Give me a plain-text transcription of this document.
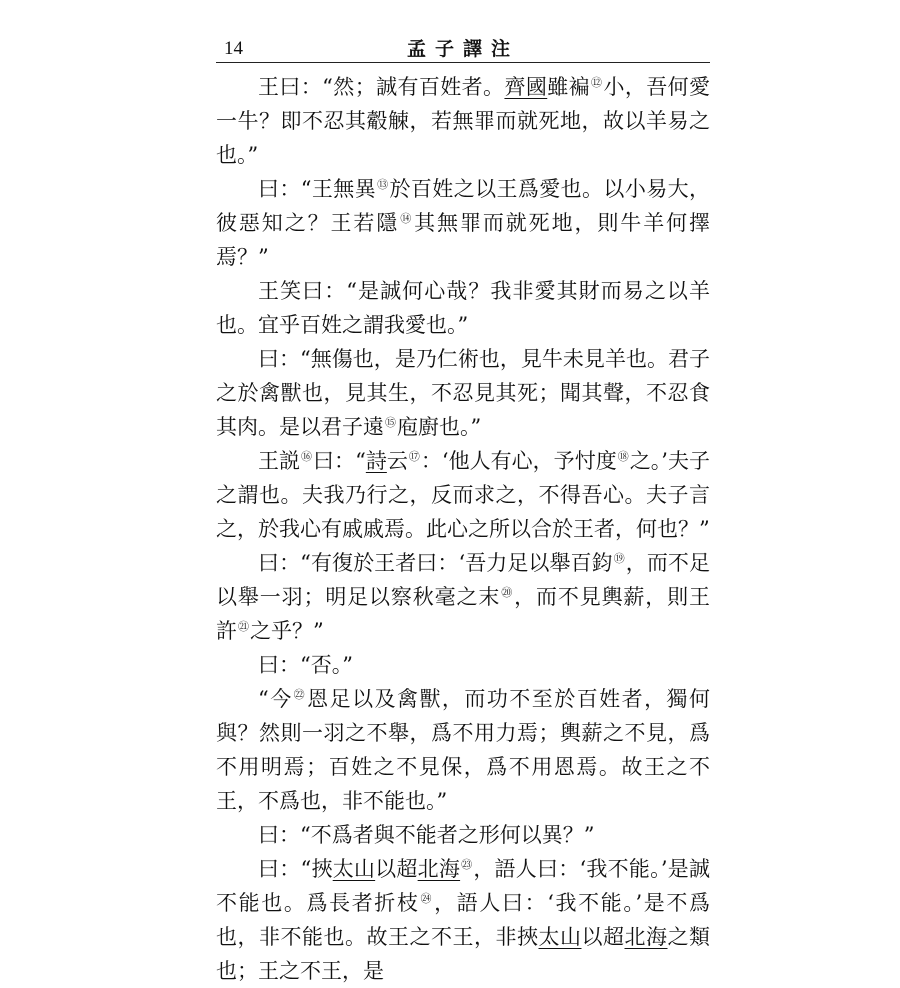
14	孟子譯注

王曰：“然；誠有百姓者。齊國雖褊⑫小，吾何愛一牛？即不忍其觳觫，若無罪而就死地，故以羊易之也。”

曰：“王無異⑬於百姓之以王爲愛也。以小易大，彼惡知之？王若隱⑭其無罪而就死地，則牛羊何擇焉？”

王笑曰：“是誠何心哉？我非愛其財而易之以羊也。宜乎百姓之謂我愛也。”

曰：“無傷也，是乃仁術也，見牛未見羊也。君子之於禽獸也，見其生，不忍見其死；聞其聲，不忍食其肉。是以君子遠⑮庖廚也。”

王説⑯曰：“詩云⑰：‘他人有心，予忖度⑱之。’夫子之謂也。夫我乃行之，反而求之，不得吾心。夫子言之，於我心有戚戚焉。此心之所以合於王者，何也？”

曰：“有復於王者曰：‘吾力足以舉百鈞⑲，而不足以舉一羽；明足以察秋毫之末⑳，而不見輿薪，則王許$^㉑$之乎？”

曰：“否。”

“今$^㉒$恩足以及禽獸，而功不至於百姓者，獨何與？然則一羽之不舉，爲不用力焉；輿薪之不見，爲不用明焉；百姓之不見保，爲不用恩焉。故王之不王，不爲也，非不能也。”

曰：“不爲者與不能者之形何以異？”

曰：“挾太山以超北海$^㉓$，語人曰：‘我不能。’是誠不能也。爲長者折枝$^㉔$，語人曰：‘我不能。’是不爲也，非不能也。故王之不王，非挾太山以超北海之類也；王之不王，是
